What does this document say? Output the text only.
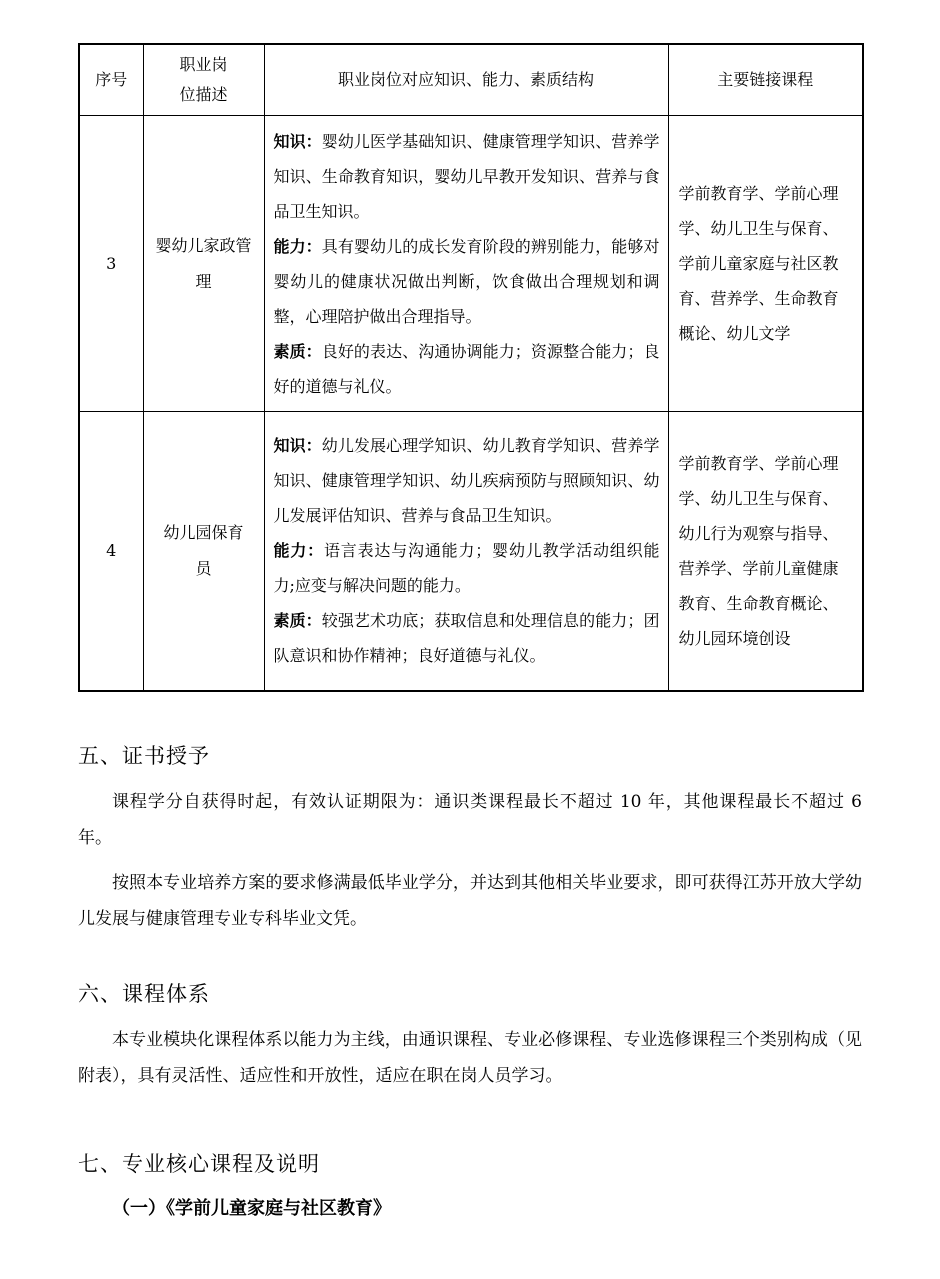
序号	职业岗位描述	职业岗位对应知识、能力、素质结构	主要链接课程
3	婴幼儿家政管理	知识：婴幼儿医学基础知识、健康管理学知识、营养学知识、生命教育知识，婴幼儿早教开发知识、营养与食品卫生知识。
能力：具有婴幼儿的成长发育阶段的辨别能力，能够对婴幼儿的健康状况做出判断，饮食做出合理规划和调整，心理陪护做出合理指导。
素质：良好的表达、沟通协调能力；资源整合能力；良好的道德与礼仪。	学前教育学、学前心理学、幼儿卫生与保育、学前儿童家庭与社区教育、营养学、生命教育概论、幼儿文学
4	幼儿园保育员	知识：幼儿发展心理学知识、幼儿教育学知识、营养学知识、健康管理学知识、幼儿疾病预防与照顾知识、幼儿发展评估知识、营养与食品卫生知识。
能力：语言表达与沟通能力；婴幼儿教学活动组织能力;应变与解决问题的能力。
素质：较强艺术功底；获取信息和处理信息的能力；团队意识和协作精神；良好道德与礼仪。	学前教育学、学前心理学、幼儿卫生与保育、幼儿行为观察与指导、营养学、学前儿童健康教育、生命教育概论、幼儿园环境创设
五、证书授予

课程学分自获得时起，有效认证期限为：通识类课程最长不超过 10 年，其他课程最长不超过 6 年。

按照本专业培养方案的要求修满最低毕业学分，并达到其他相关毕业要求，即可获得江苏开放大学幼儿发展与健康管理专业专科毕业文凭。

六、课程体系

本专业模块化课程体系以能力为主线，由通识课程、专业必修课程、专业选修课程三个类别构成（见附表），具有灵活性、适应性和开放性，适应在职在岗人员学习。

七、专业核心课程及说明

（一）《学前儿童家庭与社区教育》
